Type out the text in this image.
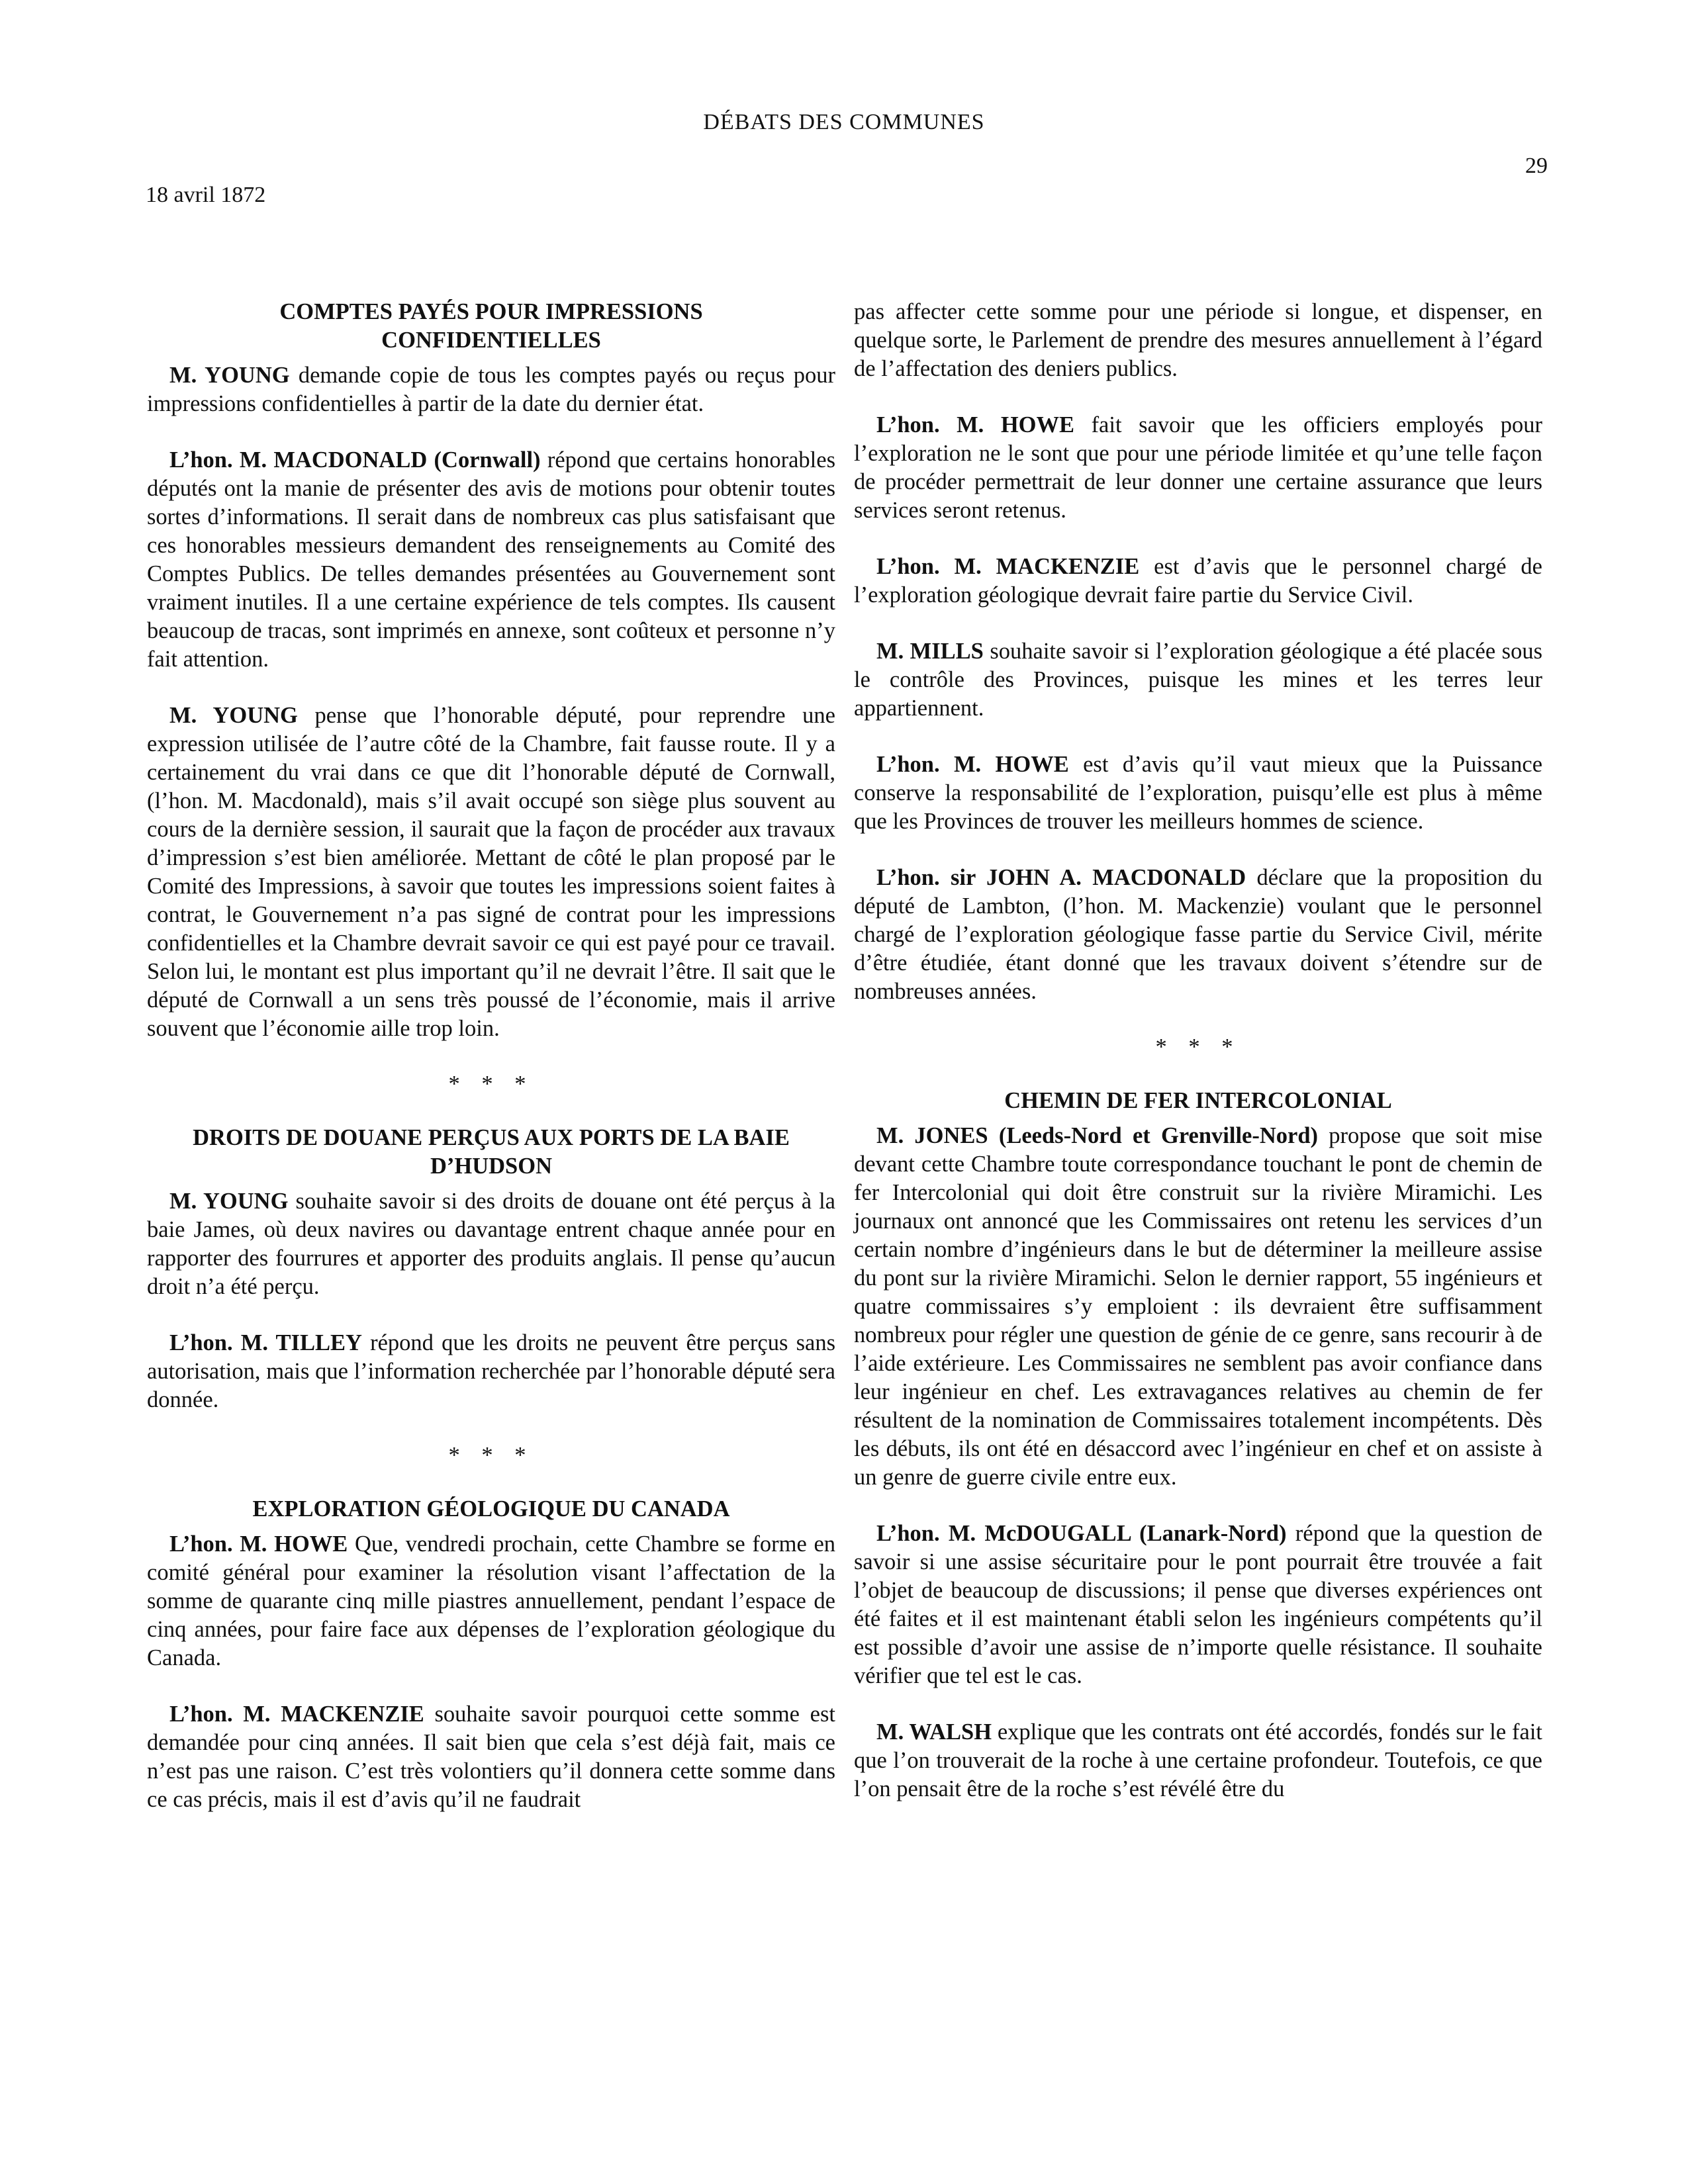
DÉBATS DES COMMUNES
29
18 avril 1872
COMPTES PAYÉS POUR IMPRESSIONS CONFIDENTIELLES

M. YOUNG demande copie de tous les comptes payés ou reçus pour impressions confidentielles à partir de la date du dernier état.

L’hon. M. MACDONALD (Cornwall) répond que certains honorables députés ont la manie de présenter des avis de motions pour obtenir toutes sortes d’informations. Il serait dans de nombreux cas plus satisfaisant que ces honorables messieurs demandent des renseignements au Comité des Comptes Publics. De telles demandes présentées au Gouvernement sont vraiment inutiles. Il a une certaine expérience de tels comptes. Ils causent beaucoup de tracas, sont imprimés en annexe, sont coûteux et personne n’y fait attention.

M. YOUNG pense que l’honorable député, pour reprendre une expression utilisée de l’autre côté de la Chambre, fait fausse route. Il y a certainement du vrai dans ce que dit l’honorable député de Cornwall, (l’hon. M. Macdonald), mais s’il avait occupé son siège plus souvent au cours de la dernière session, il saurait que la façon de procéder aux travaux d’impression s’est bien améliorée. Mettant de côté le plan proposé par le Comité des Impressions, à savoir que toutes les impressions soient faites à contrat, le Gouvernement n’a pas signé de contrat pour les impressions confidentielles et la Chambre devrait savoir ce qui est payé pour ce travail. Selon lui, le montant est plus important qu’il ne devrait l’être. Il sait que le député de Cornwall a un sens très poussé de l’économie, mais il arrive souvent que l’économie aille trop loin.

* * *
DROITS DE DOUANE PERÇUS AUX PORTS DE LA BAIE D’HUDSON

M. YOUNG souhaite savoir si des droits de douane ont été perçus à la baie James, où deux navires ou davantage entrent chaque année pour en rapporter des fourrures et apporter des produits anglais. Il pense qu’aucun droit n’a été perçu.

L’hon. M. TILLEY répond que les droits ne peuvent être perçus sans autorisation, mais que l’information recherchée par l’honorable député sera donnée.

* * *
EXPLORATION GÉOLOGIQUE DU CANADA

L’hon. M. HOWE Que, vendredi prochain, cette Chambre se forme en comité général pour examiner la résolution visant l’affectation de la somme de quarante cinq mille piastres annuellement, pendant l’espace de cinq années, pour faire face aux dépenses de l’exploration géologique du Canada.

L’hon. M. MACKENZIE souhaite savoir pourquoi cette somme est demandée pour cinq années. Il sait bien que cela s’est déjà fait, mais ce n’est pas une raison. C’est très volontiers qu’il donnera cette somme dans ce cas précis, mais il est d’avis qu’il ne faudrait

pas affecter cette somme pour une période si longue, et dispenser, en quelque sorte, le Parlement de prendre des mesures annuellement à l’égard de l’affectation des deniers publics.

L’hon. M. HOWE fait savoir que les officiers employés pour l’exploration ne le sont que pour une période limitée et qu’une telle façon de procéder permettrait de leur donner une certaine assurance que leurs services seront retenus.

L’hon. M. MACKENZIE est d’avis que le personnel chargé de l’exploration géologique devrait faire partie du Service Civil.

M. MILLS souhaite savoir si l’exploration géologique a été placée sous le contrôle des Provinces, puisque les mines et les terres leur appartiennent.

L’hon. M. HOWE est d’avis qu’il vaut mieux que la Puissance conserve la responsabilité de l’exploration, puisqu’elle est plus à même que les Provinces de trouver les meilleurs hommes de science.

L’hon. sir JOHN A. MACDONALD déclare que la proposition du député de Lambton, (l’hon. M. Mackenzie) voulant que le personnel chargé de l’exploration géologique fasse partie du Service Civil, mérite d’être étudiée, étant donné que les travaux doivent s’étendre sur de nombreuses années.

* * *
CHEMIN DE FER INTERCOLONIAL

M. JONES (Leeds-Nord et Grenville-Nord) propose que soit mise devant cette Chambre toute correspondance touchant le pont de chemin de fer Intercolonial qui doit être construit sur la rivière Miramichi. Les journaux ont annoncé que les Commissaires ont retenu les services d’un certain nombre d’ingénieurs dans le but de déterminer la meilleure assise du pont sur la rivière Miramichi. Selon le dernier rapport, 55 ingénieurs et quatre commissaires s’y emploient : ils devraient être suffisamment nombreux pour régler une question de génie de ce genre, sans recourir à de l’aide extérieure. Les Commissaires ne semblent pas avoir confiance dans leur ingénieur en chef. Les extravagances relatives au chemin de fer résultent de la nomination de Commissaires totalement incompétents. Dès les débuts, ils ont été en désaccord avec l’ingénieur en chef et on assiste à un genre de guerre civile entre eux.

L’hon. M. McDOUGALL (Lanark-Nord) répond que la question de savoir si une assise sécuritaire pour le pont pourrait être trouvée a fait l’objet de beaucoup de discussions; il pense que diverses expériences ont été faites et il est maintenant établi selon les ingénieurs compétents qu’il est possible d’avoir une assise de n’importe quelle résistance. Il souhaite vérifier que tel est le cas.

M. WALSH explique que les contrats ont été accordés, fondés sur le fait que l’on trouverait de la roche à une certaine profondeur. Toutefois, ce que l’on pensait être de la roche s’est révélé être du
